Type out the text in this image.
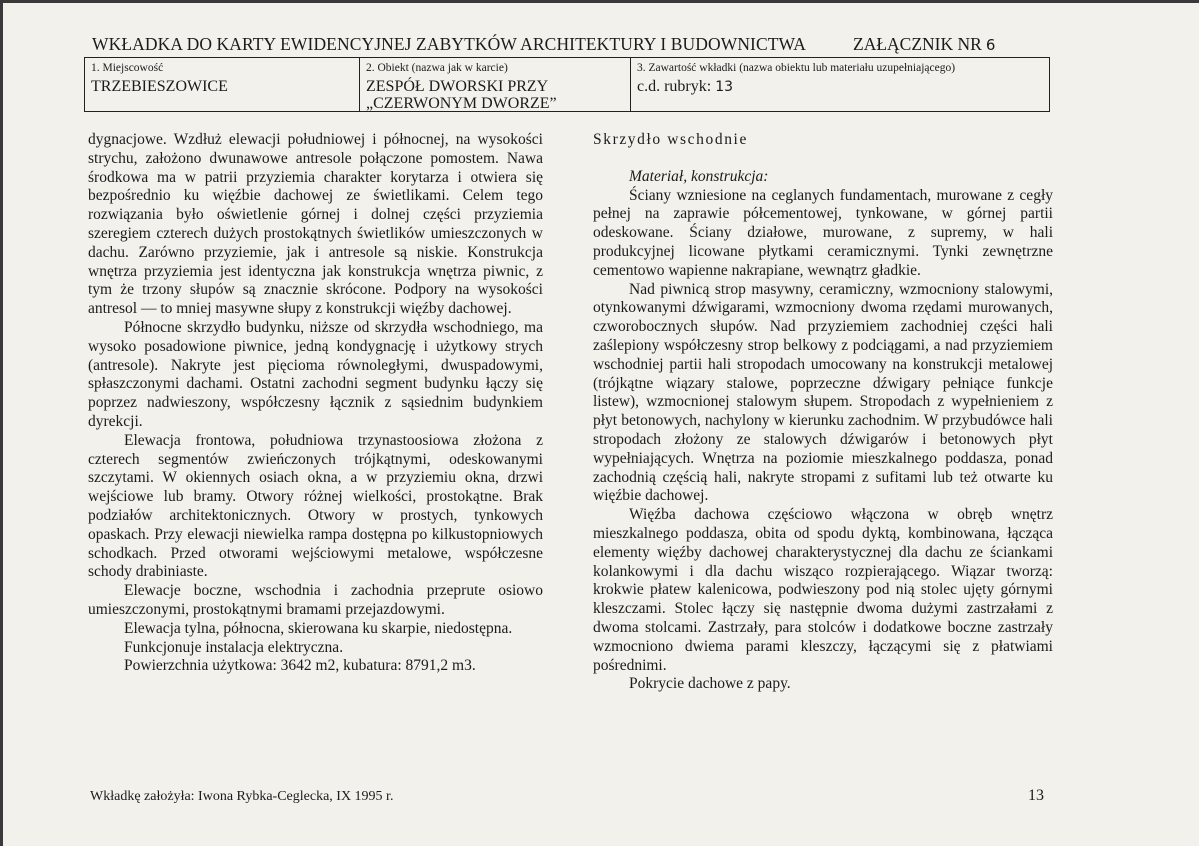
WKŁADKA DO KARTY EWIDENCYJNEJ ZABYTKÓW ARCHITEKTURY I BUDOWNICTWA	ZAŁĄCZNIK NR 6
1. Miejscowość
TRZEBIESZOWICE
2. Obiekt (nazwa jak w karcie)
ZESPÓŁ DWORSKI PRZY
„CZERWONYM DWORZE”
3. Zawartość wkładki (nazwa obiektu lub materiału uzupełniającego)
c.d. rubryk: 13

dygnacjowe. Wzdłuż elewacji południowej i północnej, na wysokości strychu, założono dwunawowe antresole połączone pomostem. Nawa środkowa ma w patrii przyziemia charakter korytarza i otwiera się bezpośrednio ku więźbie dachowej ze świetlikami. Celem tego rozwiązania było oświetlenie górnej i dolnej części przyziemia szeregiem czterech dużych prostokątnych świetlików umieszczonych w dachu. Zarówno przyziemie, jak i antresole są niskie. Konstrukcja wnętrza przyziemia jest identyczna jak konstrukcja wnętrza piwnic, z tym że trzony słupów są znacznie skrócone. Podpory na wysokości antresol — to mniej masywne słupy z konstrukcji więźby dachowej.

Północne skrzydło budynku, niższe od skrzydła wschodniego, ma wysoko posadowione piwnice, jedną kondygnację i użytkowy strych (antresole). Nakryte jest pięcioma równoległymi, dwuspadowymi, spłaszczonymi dachami. Ostatni zachodni segment budynku łączy się poprzez nadwieszony, współczesny łącznik z sąsiednim budynkiem dyrekcji.

Elewacja frontowa, południowa trzynastoosiowa złożona z czterech segmentów zwieńczonych trójkątnymi, odeskowanymi szczytami. W okiennych osiach okna, a w przyziemiu okna, drzwi wejściowe lub bramy. Otwory różnej wielkości, prostokątne. Brak podziałów architektonicznych. Otwory w prostych, tynkowych opaskach. Przy elewacji niewielka rampa dostępna po kilkustopniowych schodkach. Przed otworami wejściowymi metalowe, współczesne schody drabiniaste.

Elewacje boczne, wschodnia i zachodnia przeprute osiowo umieszczonymi, prostokątnymi bramami przejazdowymi.

Elewacja tylna, północna, skierowana ku skarpie, niedostępna.

Funkcjonuje instalacja elektryczna.

Powierzchnia użytkowa: 3642 m2, kubatura: 8791,2 m3.

Skrzydło wschodnie

Materiał, konstrukcja:

Ściany wzniesione na ceglanych fundamentach, murowane z cegły pełnej na zaprawie półcementowej, tynkowane, w górnej partii odeskowane. Ściany działowe, murowane, z supremy, w hali produkcyjnej licowane płytkami ceramicznymi. Tynki zewnętrzne cementowo wapienne nakrapiane, wewnątrz gładkie.

Nad piwnicą strop masywny, ceramiczny, wzmocniony stalowymi, otynkowanymi dźwigarami, wzmocniony dwoma rzędami murowanych, czworobocznych słupów. Nad przyziemiem zachodniej części hali zaślepiony współczesny strop belkowy z podciągami, a nad przyziemiem wschodniej partii hali stropodach umocowany na konstrukcji metalowej (trójkątne wiązary stalowe, poprzeczne dźwigary pełniące funkcje listew), wzmocnionej stalowym słupem. Stropodach z wypełnieniem z płyt betonowych, nachylony w kierunku zachodnim. W przybudówce hali stropodach złożony ze stalowych dźwigarów i betonowych płyt wypełniających. Wnętrza na poziomie mieszkalnego poddasza, ponad zachodnią częścią hali, nakryte stropami z sufitami lub też otwarte ku więźbie dachowej.

Więźba dachowa częściowo włączona w obręb wnętrz mieszkalnego poddasza, obita od spodu dyktą, kombinowana, łącząca elementy więźby dachowej charakterystycznej dla dachu ze ściankami kolankowymi i dla dachu wisząco rozpierającego. Wiązar tworzą: krokwie płatew kalenicowa, podwieszony pod nią stolec ujęty górnymi kleszczami. Stolec łączy się następnie dwoma dużymi zastrzałami z dwoma stolcami. Zastrzały, para stolców i dodatkowe boczne zastrzały wzmocniono dwiema parami kleszczy, łączącymi się z płatwiami pośrednimi.

Pokrycie dachowe z papy.

Wkładkę założyła: Iwona Rybka-Ceglecka, IX 1995 r.	13
